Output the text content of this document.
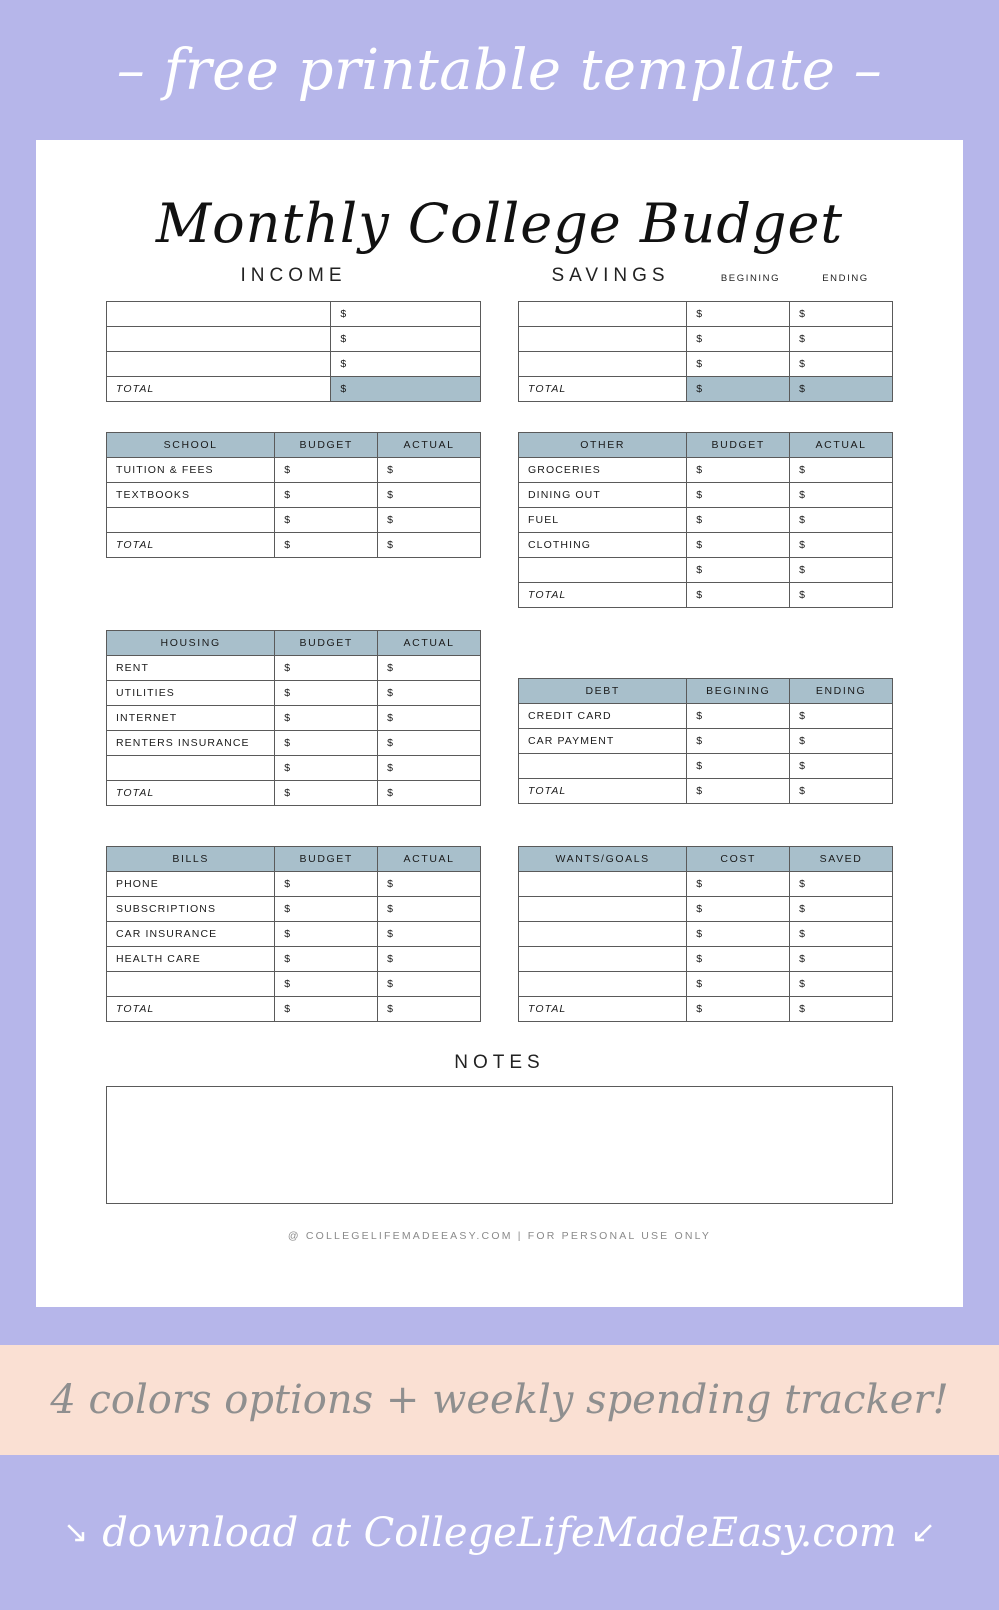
– free printable template –
Monthly College Budget
INCOME	SAVINGS	BEGINING	ENDING
	$
	$
	$
TOTAL	$
	$	$
	$	$
	$	$
TOTAL	$	$
SCHOOL	BUDGET	ACTUAL
TUITION & FEES	$	$
TEXTBOOKS	$	$
	$	$
TOTAL	$	$
OTHER	BUDGET	ACTUAL
GROCERIES	$	$
DINING OUT	$	$
FUEL	$	$
CLOTHING	$	$
	$	$
TOTAL	$	$
HOUSING	BUDGET	ACTUAL
RENT	$	$
UTILITIES	$	$
INTERNET	$	$
RENTERS INSURANCE	$	$
	$	$
TOTAL	$	$
DEBT	BEGINING	ENDING
CREDIT CARD	$	$
CAR PAYMENT	$	$
	$	$
TOTAL	$	$
BILLS	BUDGET	ACTUAL
PHONE	$	$
SUBSCRIPTIONS	$	$
CAR INSURANCE	$	$
HEALTH CARE	$	$
	$	$
TOTAL	$	$
WANTS/GOALS	COST	SAVED
	$	$
	$	$
	$	$
	$	$
	$	$
TOTAL	$	$
NOTES
@ COLLEGELIFEMADEEASY.COM | FOR PERSONAL USE ONLY
4 colors options + weekly spending tracker!
↘ download at CollegeLifeMadeEasy.com ↙
